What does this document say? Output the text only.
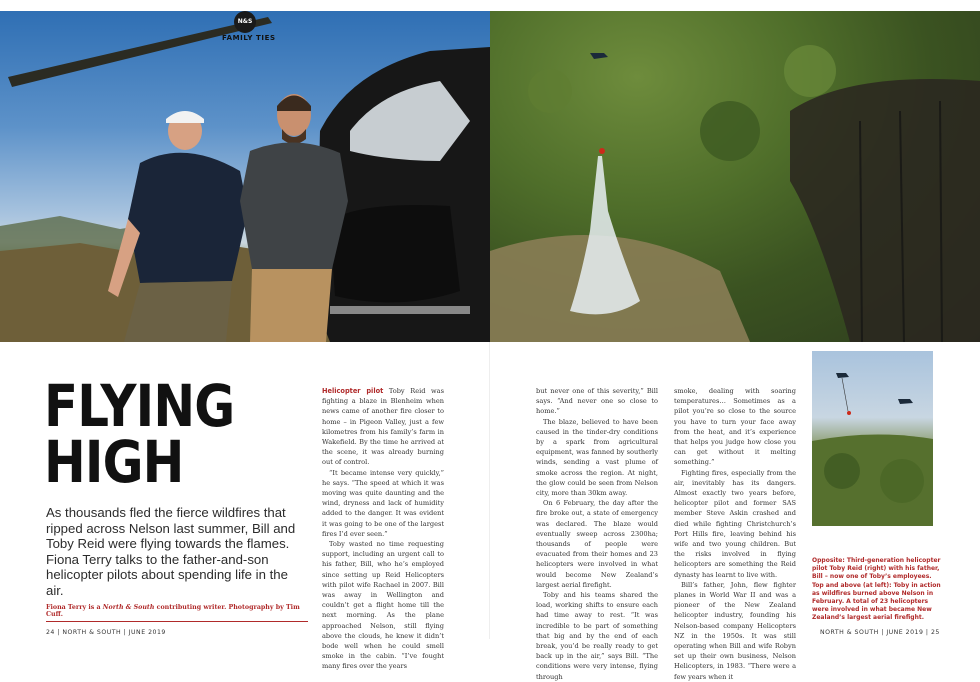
N&S
FAMILY TIES
FLYING
HIGH

As thousands fled the fierce wildfires that ripped across Nelson last summer, Bill and Toby Reid were flying towards the flames. Fiona Terry talks to the father-and-son helicopter pilots about spending life in the air.

Fiona Terry is a North & South contributing writer. Photography by Tim Cuff.

Helicopter pilot Toby Reid was fighting a blaze in Blenheim when news came of another fire closer to home – in Pigeon Valley, just a few kilometres from his family’s farm in Wakefield. By the time he arrived at the scene, it was already burning out of control.

“It became intense very quickly,” he says. “The speed at which it was moving was quite daunting and the wind, dryness and lack of humidity added to the danger. It was evident it was going to be one of the largest fires I’d ever seen.”

Toby wasted no time requesting support, including an urgent call to his father, Bill, who he’s employed since setting up Reid Helicopters with pilot wife Rachael in 2007. Bill was away in Wellington and couldn’t get a flight home till the next morning. As the plane approached Nelson, still flying above the clouds, he knew it didn’t bode well when he could smell smoke in the cabin. “I’ve fought many fires over the years

but never one of this severity,” Bill says. “And never one so close to home.”

The blaze, believed to have been caused in the tinder-dry conditions by a spark from agricultural equipment, was fanned by southerly winds, sending a vast plume of smoke across the region. At night, the glow could be seen from Nelson city, more than 30km away.

On 6 February, the day after the fire broke out, a state of emergency was declared. The blaze would eventually sweep across 2300ha; thousands of people were evacuated from their homes and 23 helicopters were involved in what would become New Zealand’s largest aerial firefight.

Toby and his teams shared the load, working shifts to ensure each had time away to rest. “It was incredible to be part of something that big and by the end of each break, you’d be really ready to get back up in the air,” says Bill. “The conditions were very intense, flying through

smoke, dealing with soaring temperatures… Sometimes as a pilot you’re so close to the source you have to turn your face away from the heat, and it’s experience that helps you judge how close you can get without it melting something.”

Fighting fires, especially from the air, inevitably has its dangers. Almost exactly two years before, helicopter pilot and former SAS member Steve Askin crashed and died while fighting Christchurch’s Port Hills fire, leaving behind his wife and two young children. But the risks involved in flying helicopters are something the Reid dynasty has learnt to live with.

Bill’s father, John, flew fighter planes in World War II and was a pioneer of the New Zealand helicopter industry, founding his Nelson-based company Helicopters NZ in the 1950s. It was still operating when Bill and wife Robyn set up their own business, Nelson Helicopters, in 1983. “There were a few years when it

Opposite: Third-generation helicopter pilot Toby Reid (right) with his father, Bill – now one of Toby’s employees. Top and above (at left): Toby in action as wildfires burned above Nelson in February. A total of 23 helicopters were involved in what became New Zealand’s largest aerial firefight.

24 | NORTH & SOUTH | JUNE 2019	NORTH & SOUTH | JUNE 2019 | 25
